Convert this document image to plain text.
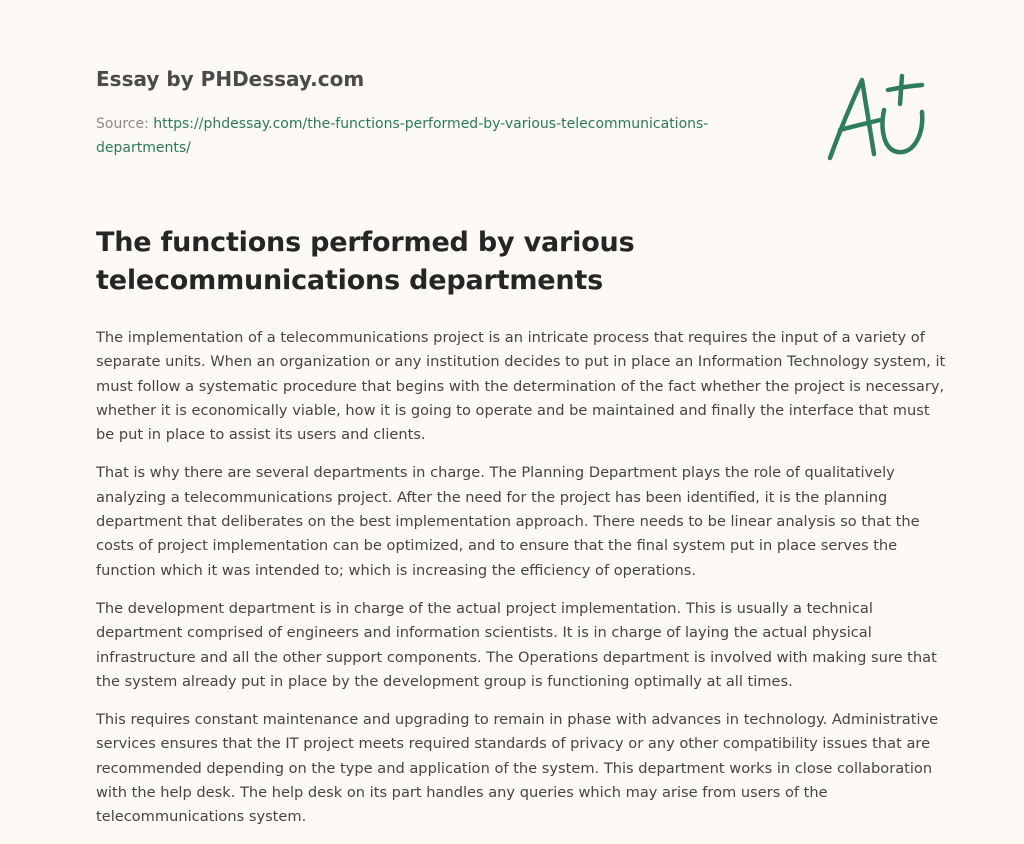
Essay by PHDessay.com
Source: https://phdessay.com/the-functions-performed-by-various-telecommunications-departments/
The functions performed by various telecommunications departments

The implementation of a telecommunications project is an intricate process that requires the input of a variety of separate units. When an organization or any institution decides to put in place an Information Technology system, it must follow a systematic procedure that begins with the determination of the fact whether the project is necessary, whether it is economically viable, how it is going to operate and be maintained and finally the interface that must be put in place to assist its users and clients.

That is why there are several departments in charge. The Planning Department plays the role of qualitatively analyzing a telecommunications project. After the need for the project has been identified, it is the planning department that deliberates on the best implementation approach. There needs to be linear analysis so that the costs of project implementation can be optimized, and to ensure that the final system put in place serves the function which it was intended to; which is increasing the efficiency of operations.

The development department is in charge of the actual project implementation. This is usually a technical department comprised of engineers and information scientists. It is in charge of laying the actual physical infrastructure and all the other support components. The Operations department is involved with making sure that the system already put in place by the development group is functioning optimally at all times.

This requires constant maintenance and upgrading to remain in phase with advances in technology. Administrative services ensures that the IT project meets required standards of privacy or any other compatibility issues that are recommended depending on the type and application of the system. This department works in close collaboration with the help desk. The help desk on its part handles any queries which may arise from users of the telecommunications system.
